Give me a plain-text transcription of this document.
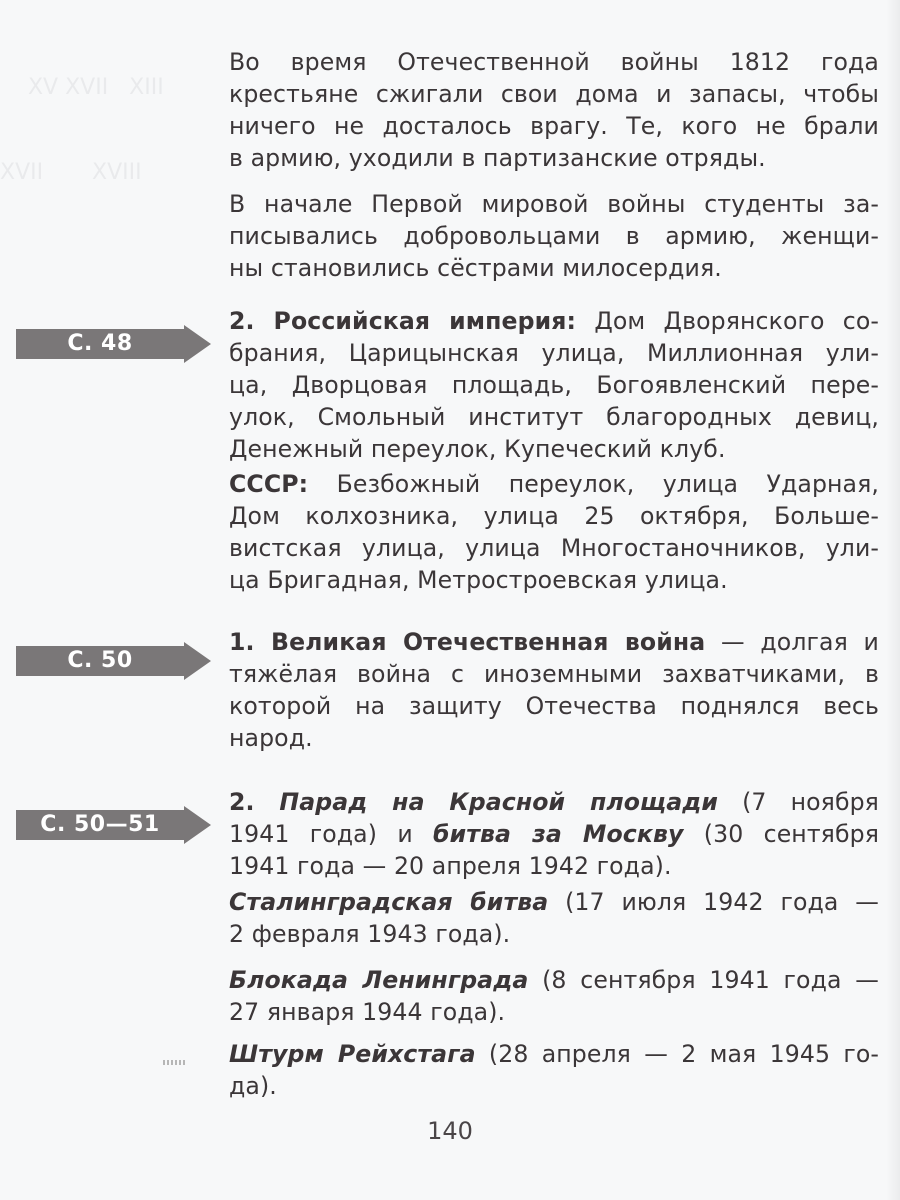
XV XVII   XIII
XVII       XVIII

Во время Отечественной войны 1812 года
крестьяне сжигали свои дома и запасы, чтобы
ничего не досталось врагу. Те, кого не брали
в армию, уходили в партизанские отряды.
В начале Первой мировой войны студенты за-
писывались добровольцами в армию, женщи-
ны становились сёстрами милосердия.
С. 48
2. Российская империя: Дом Дворянского со-
брания, Царицынская улица, Миллионная ули-
ца, Дворцовая площадь, Богоявленский пере-
улок, Смольный институт благородных девиц,
Денежный переулок, Купеческий клуб.
СССР: Безбожный переулок, улица Ударная,
Дом колхозника, улица 25 октября, Больше-
вистская улица, улица Многостаночников, ули-
ца Бригадная, Метростроевская улица.
С. 50
1. Великая Отечественная война — долгая и
тяжёлая война с иноземными захватчиками, в
которой на защиту Отечества поднялся весь
народ.
С. 50—51
2. Парад на Красной площади (7 ноября
1941 года) и битва за Москву (30 сентября
1941 года — 20 апреля 1942 года).
Сталинградская битва (17 июля 1942 года —
2 февраля 1943 года).
Блокада Ленинграда (8 сентября 1941 года —
27 января 1944 года).
Штурм Рейхстага (28 апреля — 2 мая 1945 го-
да).
140
